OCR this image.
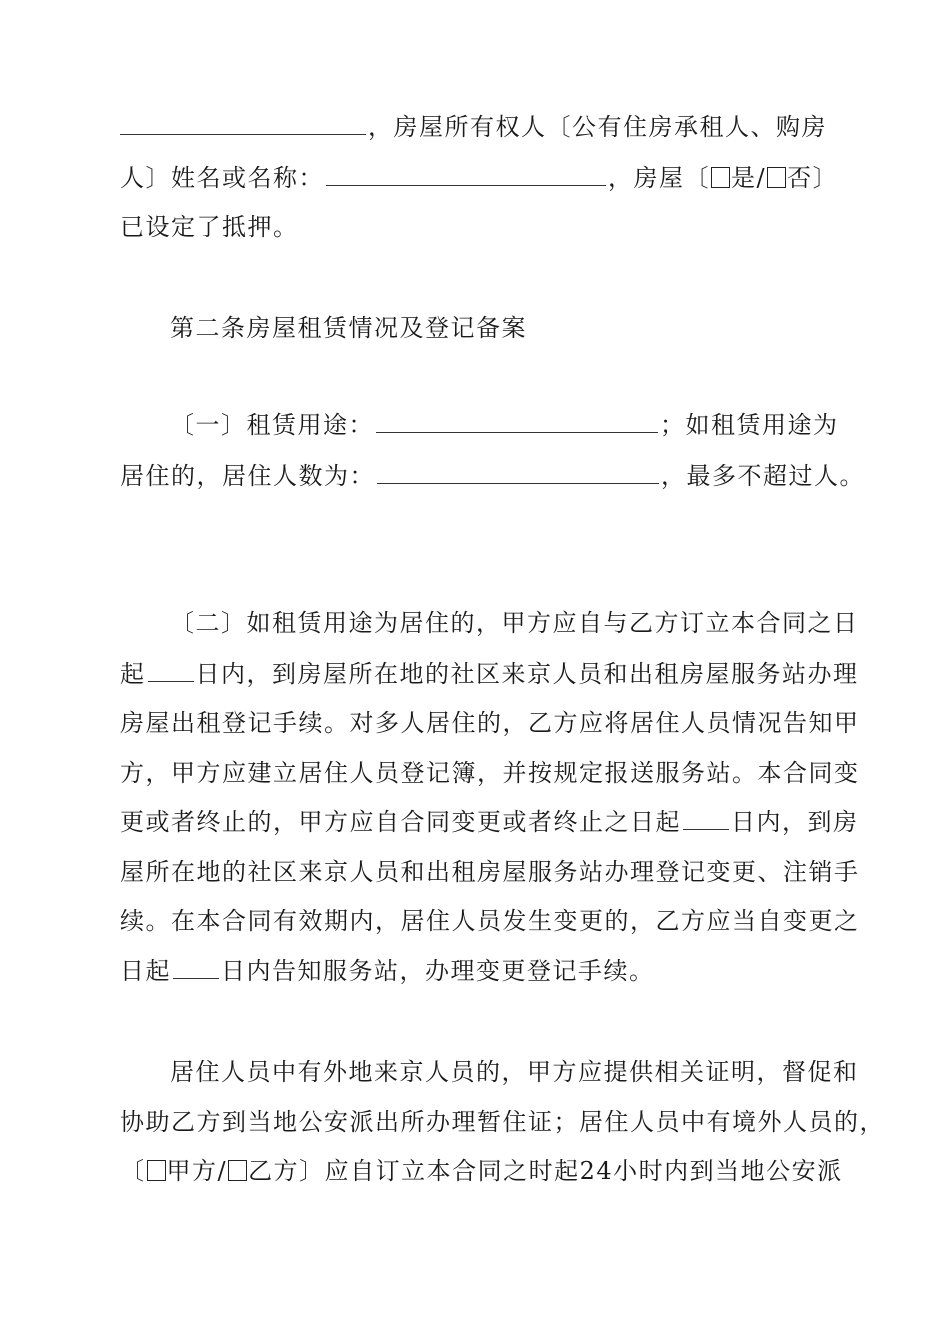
，房屋所有权人〔公有住房承租人、购房
人〕姓名或名称：	，房屋〔 是/ 否〕
已设定了抵押。
第二条房屋租赁情况及登记备案
〔一〕租赁用途：	；如租赁用途为
居住的，居住人数为：	，最多不超过人。
〔二〕如租赁用途为居住的，甲方应自与乙方订立本合同之日
起 日内，到房屋所在地的社区来京人员和出租房屋服务站办理
房屋出租登记手续。对多人居住的，乙方应将居住人员情况告知甲
方，甲方应建立居住人员登记簿，并按规定报送服务站。本合同变
更或者终止的，甲方应自合同变更或者终止之日起 日内，到房
屋所在地的社区来京人员和出租房屋服务站办理登记变更、注销手
续。在本合同有效期内，居住人员发生变更的，乙方应当自变更之
日起 日内告知服务站，办理变更登记手续。
居住人员中有外地来京人员的，甲方应提供相关证明，督促和
协助乙方到当地公安派出所办理暂住证；居住人员中有境外人员的，
〔 甲方/ 乙方〕应自订立本合同之时起24小时内到当地公安派
